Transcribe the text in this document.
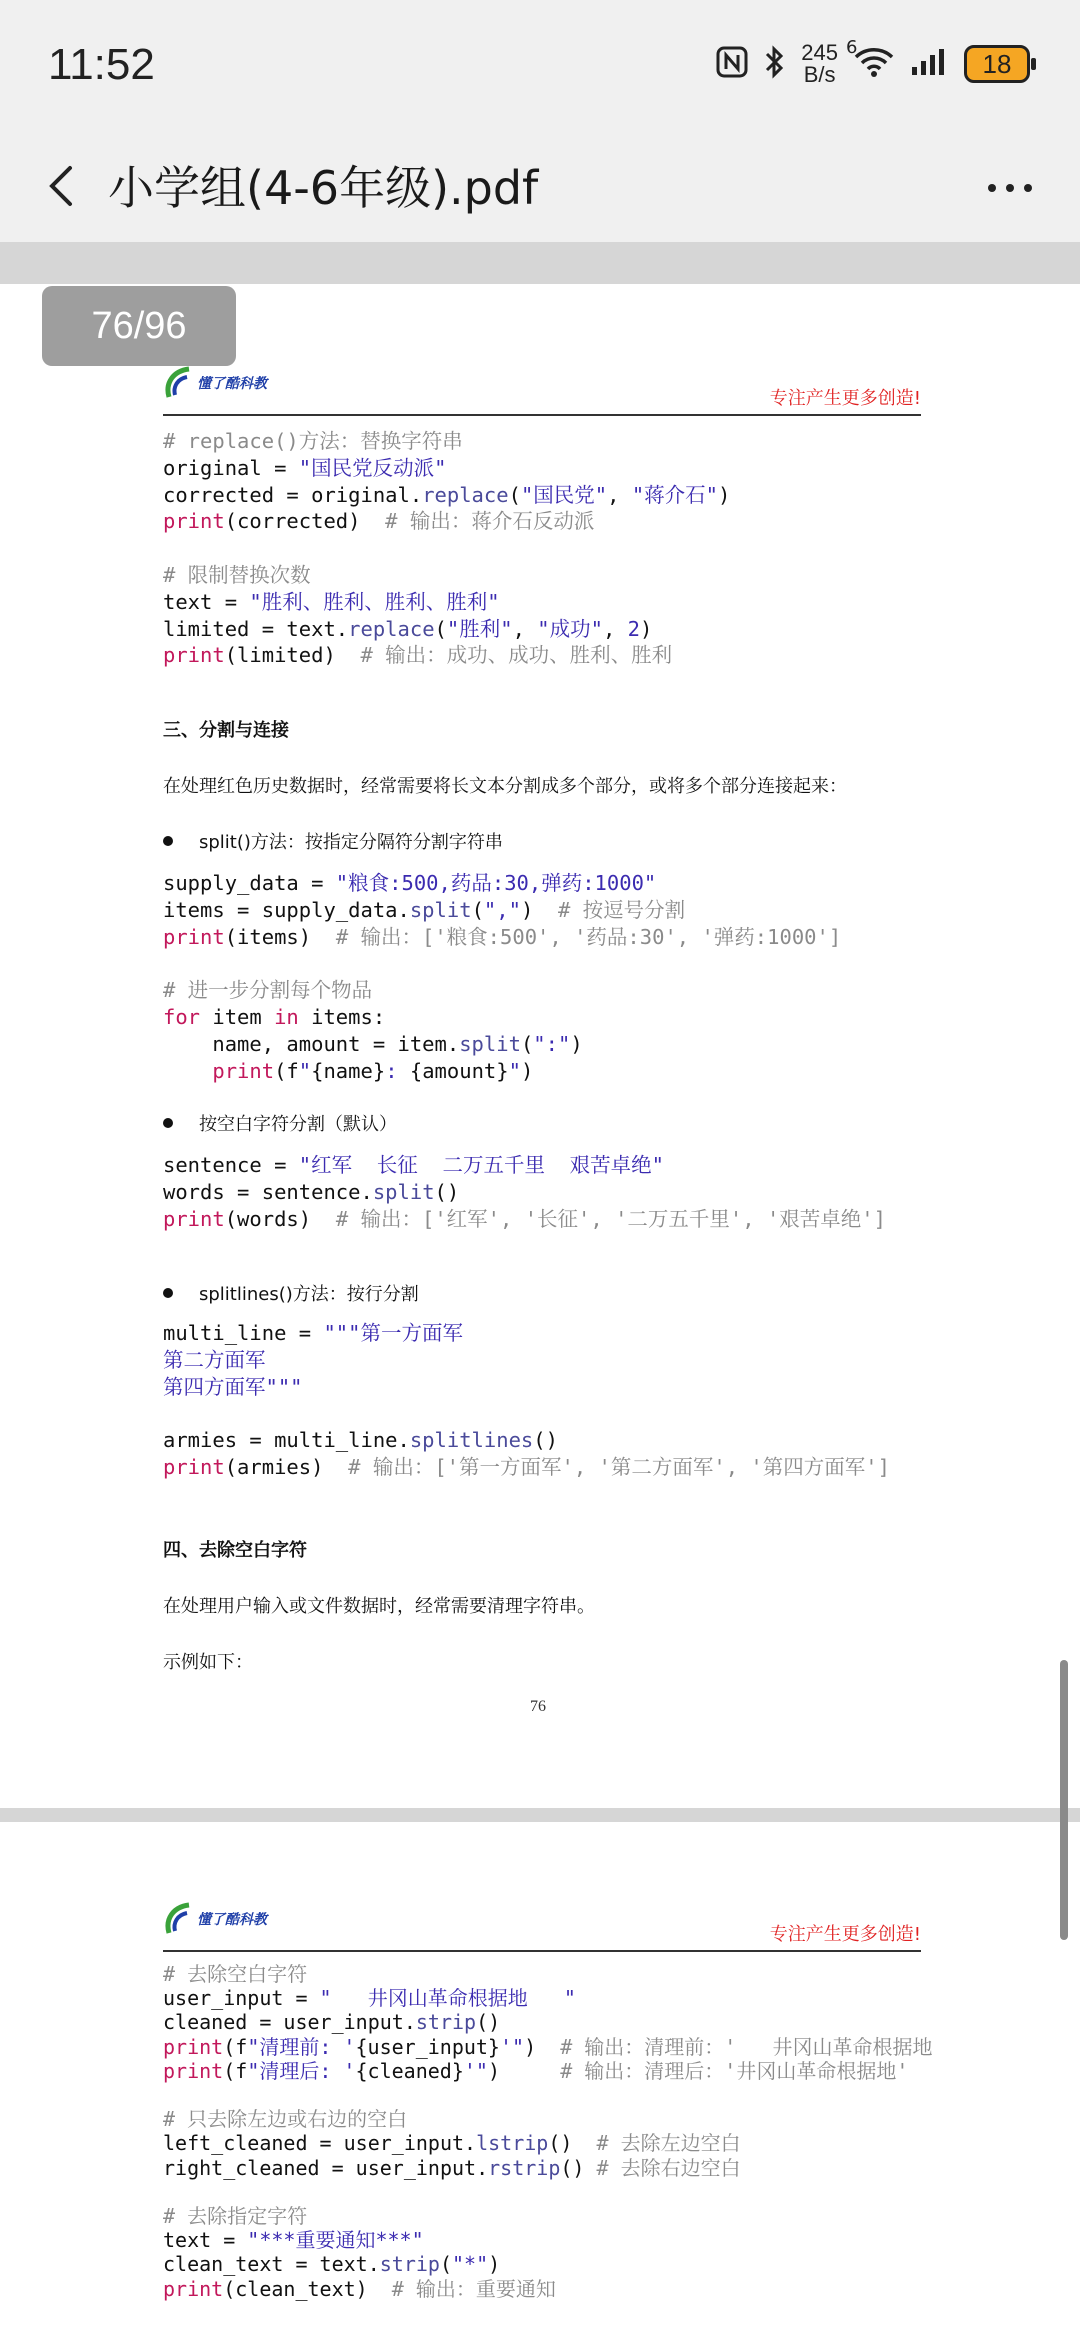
11:52	245
B/s
6
18
小学组(4-6年级).pdf
懂了酷科教
专注产生更多创造!
# replace()方法：替换字符串
original = "国民党反动派"
corrected = original.replace("国民党", "蒋介石")
print(corrected)  # 输出：蒋介石反动派

# 限制替换次数
text = "胜利、胜利、胜利、胜利"
limited = text.replace("胜利", "成功", 2)
print(limited)  # 输出：成功、成功、胜利、胜利
三、分割与连接
在处理红色历史数据时，经常需要将长文本分割成多个部分，或将多个部分连接起来：
split()方法：按指定分隔符分割字符串
supply_data = "粮食:500,药品:30,弹药:1000"
items = supply_data.split(",")  # 按逗号分割
print(items)  # 输出：['粮食:500', '药品:30', '弹药:1000']

# 进一步分割每个物品
for item in items:
name, amount = item.split(":")
print(f"{name}: {amount}")
按空白字符分割（默认）
sentence = "红军  长征  二万五千里  艰苦卓绝"
words = sentence.split()
print(words)  # 输出：['红军', '长征', '二万五千里', '艰苦卓绝']
splitlines()方法：按行分割
multi_line = """第一方面军
第二方面军
第四方面军"""

armies = multi_line.splitlines()
print(armies)  # 输出：['第一方面军', '第二方面军', '第四方面军']
四、去除空白字符
在处理用户输入或文件数据时，经常需要清理字符串。
示例如下：
76
懂了酷科教
专注产生更多创造!
# 去除空白字符
user_input = "   井冈山革命根据地   "
cleaned = user_input.strip()
print(f"清理前: '{user_input}'")  # 输出：清理前：'   井冈山革命根据地
print(f"清理后: '{cleaned}'")     # 输出：清理后：'井冈山革命根据地'

# 只去除左边或右边的空白
left_cleaned = user_input.lstrip()  # 去除左边空白
right_cleaned = user_input.rstrip() # 去除右边空白

# 去除指定字符
text = "***重要通知***"
clean_text = text.strip("*")
print(clean_text)  # 输出：重要通知
76/96
